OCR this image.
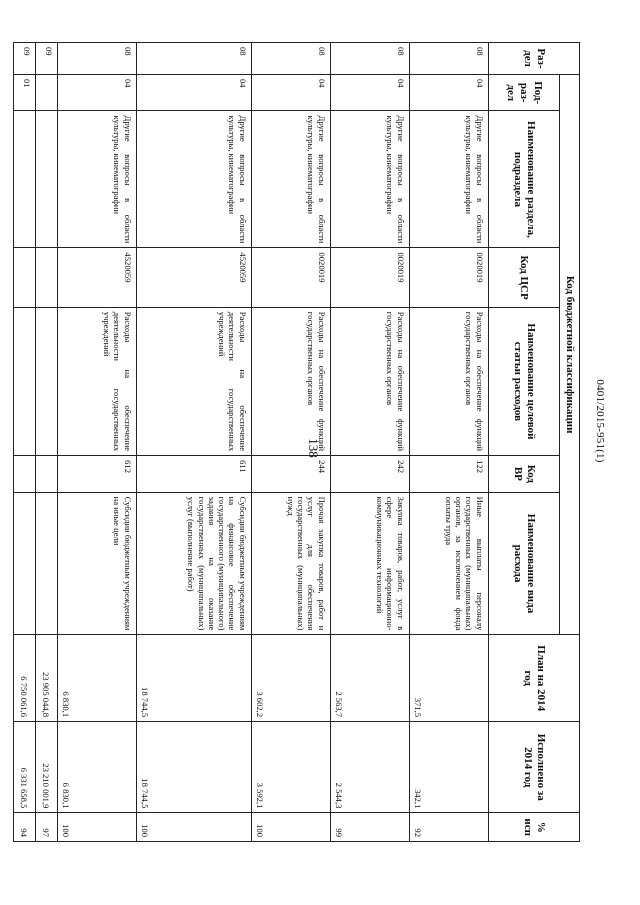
138	0401/2015-951(1)
Раз-дел	Код бюджетной классификации						План на 2014 год	Исполнено за 2014 год	% исп
	Под-раз-дел	Наименование раздела, подраздела	Код ЦСР	Наименование целевой статьи расходов	Код ВР	Наименование вида расхода			
08	04	Другие вопросы в области культуры, кинематографии	0020019	Расходы на обеспечение функций государственных органов	122	Иные выплаты персоналу государственных (муниципальных) органов, за исключением фонда оплаты труда	371,5	342,1	92
08	04	Другие вопросы в области культуры, кинематографии	0020019	Расходы на обеспечение функций государственных органов	242	Закупка товаров, работ, услуг в сфере информационно-коммуникационных технологий	2 563,7	2 544,3	99
08	04	Другие вопросы в области культуры, кинематографии	0020019	Расходы на обеспечение функций государственных органов	244	Прочая закупка товаров, работ и услуг для обеспечения государственных (муниципальных) нужд	3 602,2	3 592,1	100
08	04	Другие вопросы в области культуры, кинематографии	4520059	Расходы на обеспечение деятельности государственных учреждений	611	Субсидии бюджетным учреждениям на финансовое обеспечение государственного (муниципального) задания на оказание государственных (муниципальных) услуг (выполнение работ)	18 744,5	18 744,5	100
08	04	Другие вопросы в области культуры, кинематографии	4520059	Расходы на обеспечение деятельности государственных учреждений	612	Субсидии бюджетным учреждениям на иные цели	6 830,1	6 830,1	100
09							23 905 044,8	23 210 001,9	97
09	01						6 750 061,6	6 331 658,5	94
